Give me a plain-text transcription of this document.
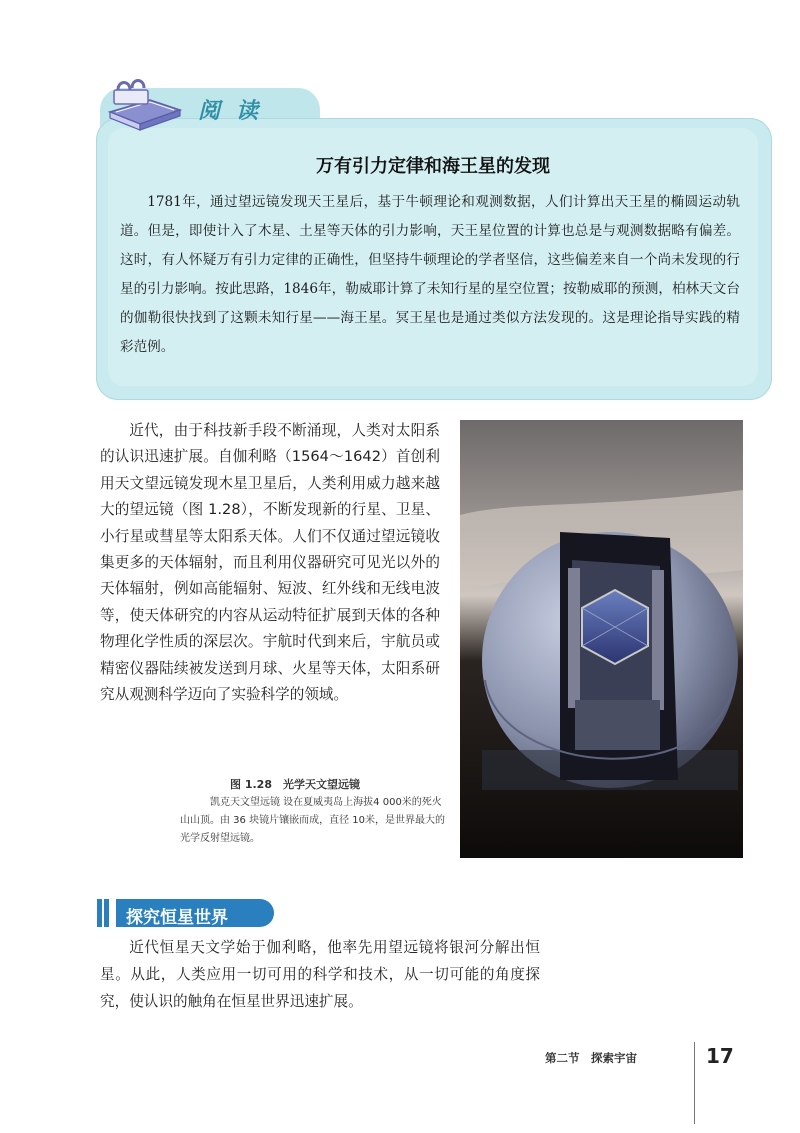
阅读
万有引力定律和海王星的发现
1781年，通过望远镜发现天王星后，基于牛顿理论和观测数据，人们计算出天王星的椭圆运动轨道。但是，即使计入了木星、土星等天体的引力影响，天王星位置的计算也总是与观测数据略有偏差。这时，有人怀疑万有引力定律的正确性，但坚持牛顿理论的学者坚信，这些偏差来自一个尚未发现的行星的引力影响。按此思路，1846年，勒威耶计算了未知行星的星空位置；按勒威耶的预测，柏林天文台的伽勒很快找到了这颗未知行星——海王星。冥王星也是通过类似方法发现的。这是理论指导实践的精彩范例。
近代，由于科技新手段不断涌现，人类对太阳系的认识迅速扩展。自伽利略（1564～1642）首创利用天文望远镜发现木星卫星后，人类利用威力越来越大的望远镜（图 1.28），不断发现新的行星、卫星、小行星或彗星等太阳系天体。人们不仅通过望远镜收集更多的天体辐射，而且利用仪器研究可见光以外的天体辐射，例如高能辐射、短波、红外线和无线电波等，使天体研究的内容从运动特征扩展到天体的各种物理化学性质的深层次。宇航时代到来后，宇航员或精密仪器陆续被发送到月球、火星等天体，太阳系研究从观测科学迈向了实验科学的领域。
图 1.28　光学天文望远镜
凯克天文望远镜 设在夏威夷岛上海拔4 000米的死火山山顶。由 36 块镜片镶嵌而成，直径 10米，是世界最大的光学反射望远镜。
探究恒星世界
近代恒星天文学始于伽利略，他率先用望远镜将银河分解出恒星。从此，人类应用一切可用的科学和技术，从一切可能的角度探究，使认识的触角在恒星世界迅速扩展。
第二节　探索宇宙	17
